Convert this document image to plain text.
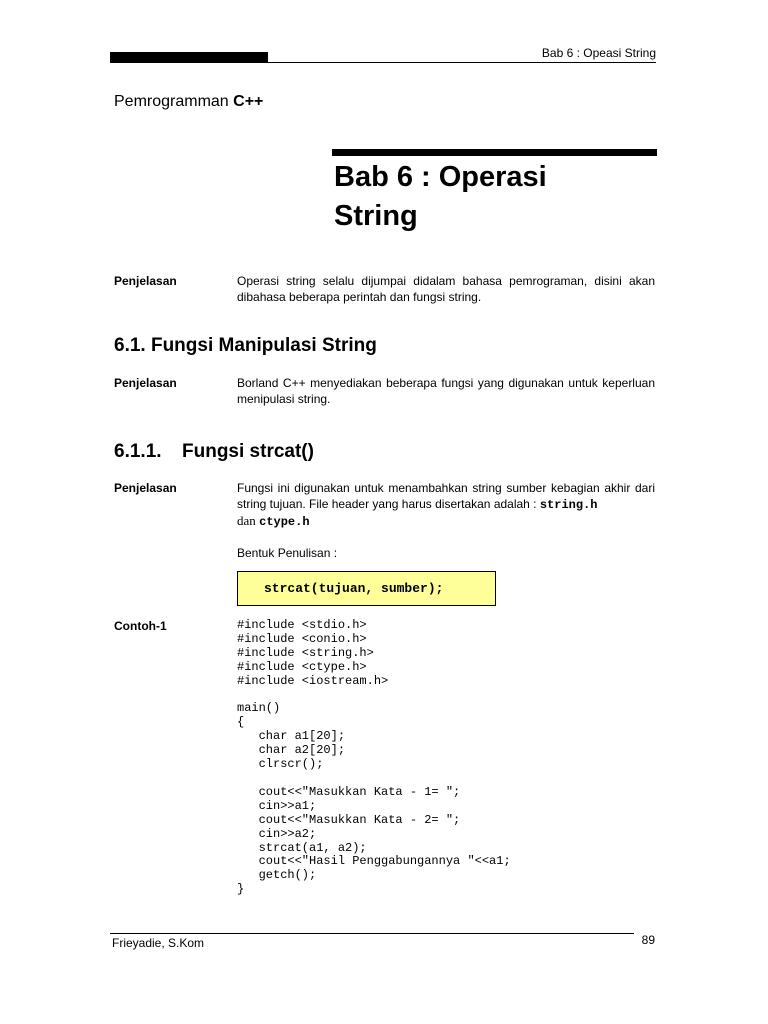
Bab 6 : Opeasi String
Pemrogramman C++
Bab 6 : Operasi String
Penjelasan	Operasi string selalu dijumpai didalam bahasa pemrograman, disini akan dibahasa beberapa perintah dan fungsi string.
6.1. Fungsi Manipulasi String
Penjelasan	Borland C++ menyediakan beberapa fungsi yang digunakan untuk keperluan menipulasi string.
6.1.1. Fungsi strcat()
Penjelasan	Fungsi ini digunakan untuk menambahkan string sumber kebagian akhir dari string tujuan. File header yang harus disertakan adalah : string.h
dan ctype.h
Bentuk Penulisan :
strcat(tujuan, sumber);
Contoh-1	#include <stdio.h>
#include <conio.h>
#include <string.h>
#include <ctype.h>
#include <iostream.h>

main()
{
char a1[20];
char a2[20];
clrscr();

cout<<"Masukkan Kata - 1= ";
cin>>a1;
cout<<"Masukkan Kata - 2= ";
cin>>a2;
strcat(a1, a2);
cout<<"Hasil Penggabungannya "<<a1;
getch();
}
Frieyadie, S.Kom	89
